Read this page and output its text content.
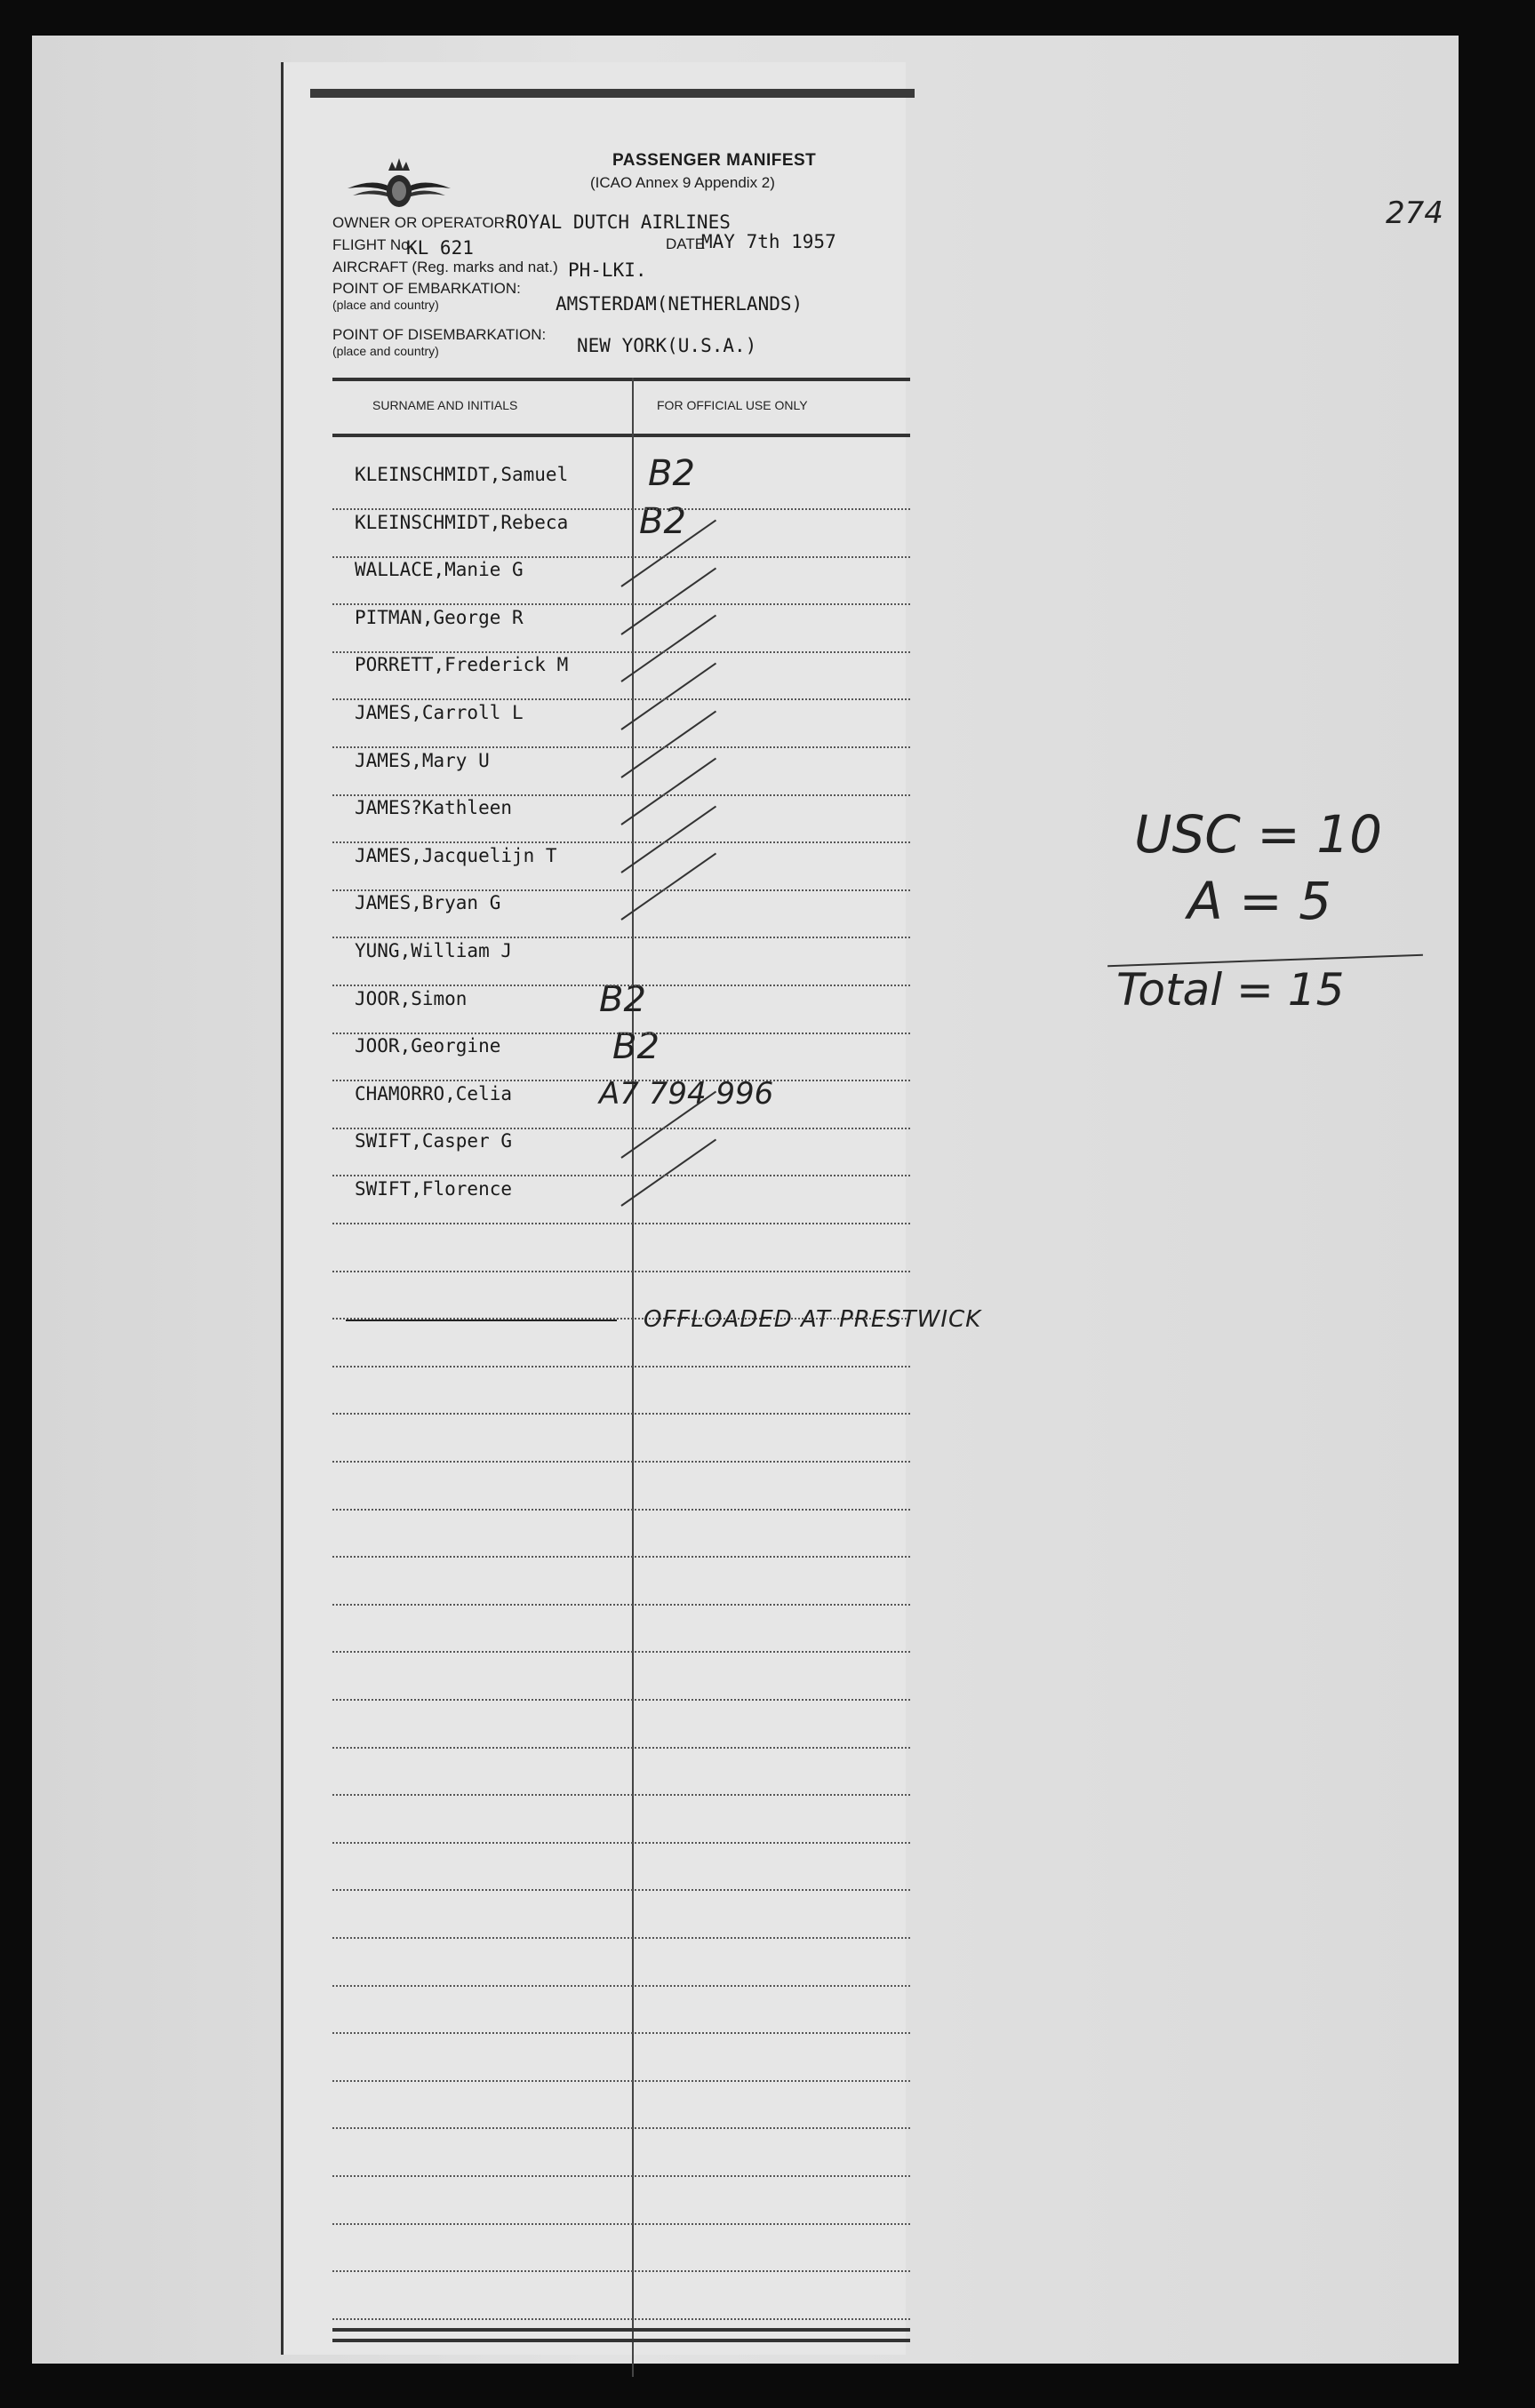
274
USC = 10
A = 5
Total = 15
PASSENGER MANIFEST
(ICAO Annex 9 Appendix 2)
OWNER OR OPERATOR:
ROYAL DUTCH AIRLINES
FLIGHT No.
KL 621	DATE
MAY 7th 1957
AIRCRAFT (Reg. marks and nat.) PH-LKI.
POINT OF EMBARKATION:
(place and country)	AMSTERDAM(NETHERLANDS)
POINT OF DISEMBARKATION:
(place and country)	NEW YORK(U.S.A.)
SURNAME AND INITIALS	FOR OFFICIAL USE ONLY
KLEINSCHMIDT,Samuel B2
KLEINSCHMIDT,Rebeca B2
WALLACE,Manie G
PITMAN,George R
PORRETT,Frederick M
JAMES,Carroll L
JAMES,Mary U
JAMES?Kathleen
JAMES,Jacquelijn T
JAMES,Bryan G
YUNG,William J
JOOR,Simon	B2
JOOR,Georgine	B2
CHAMORRO,Celia	A7 794 996
SWIFT,Casper G
SWIFT,Florence
OFFLOADED AT PRESTWICK
